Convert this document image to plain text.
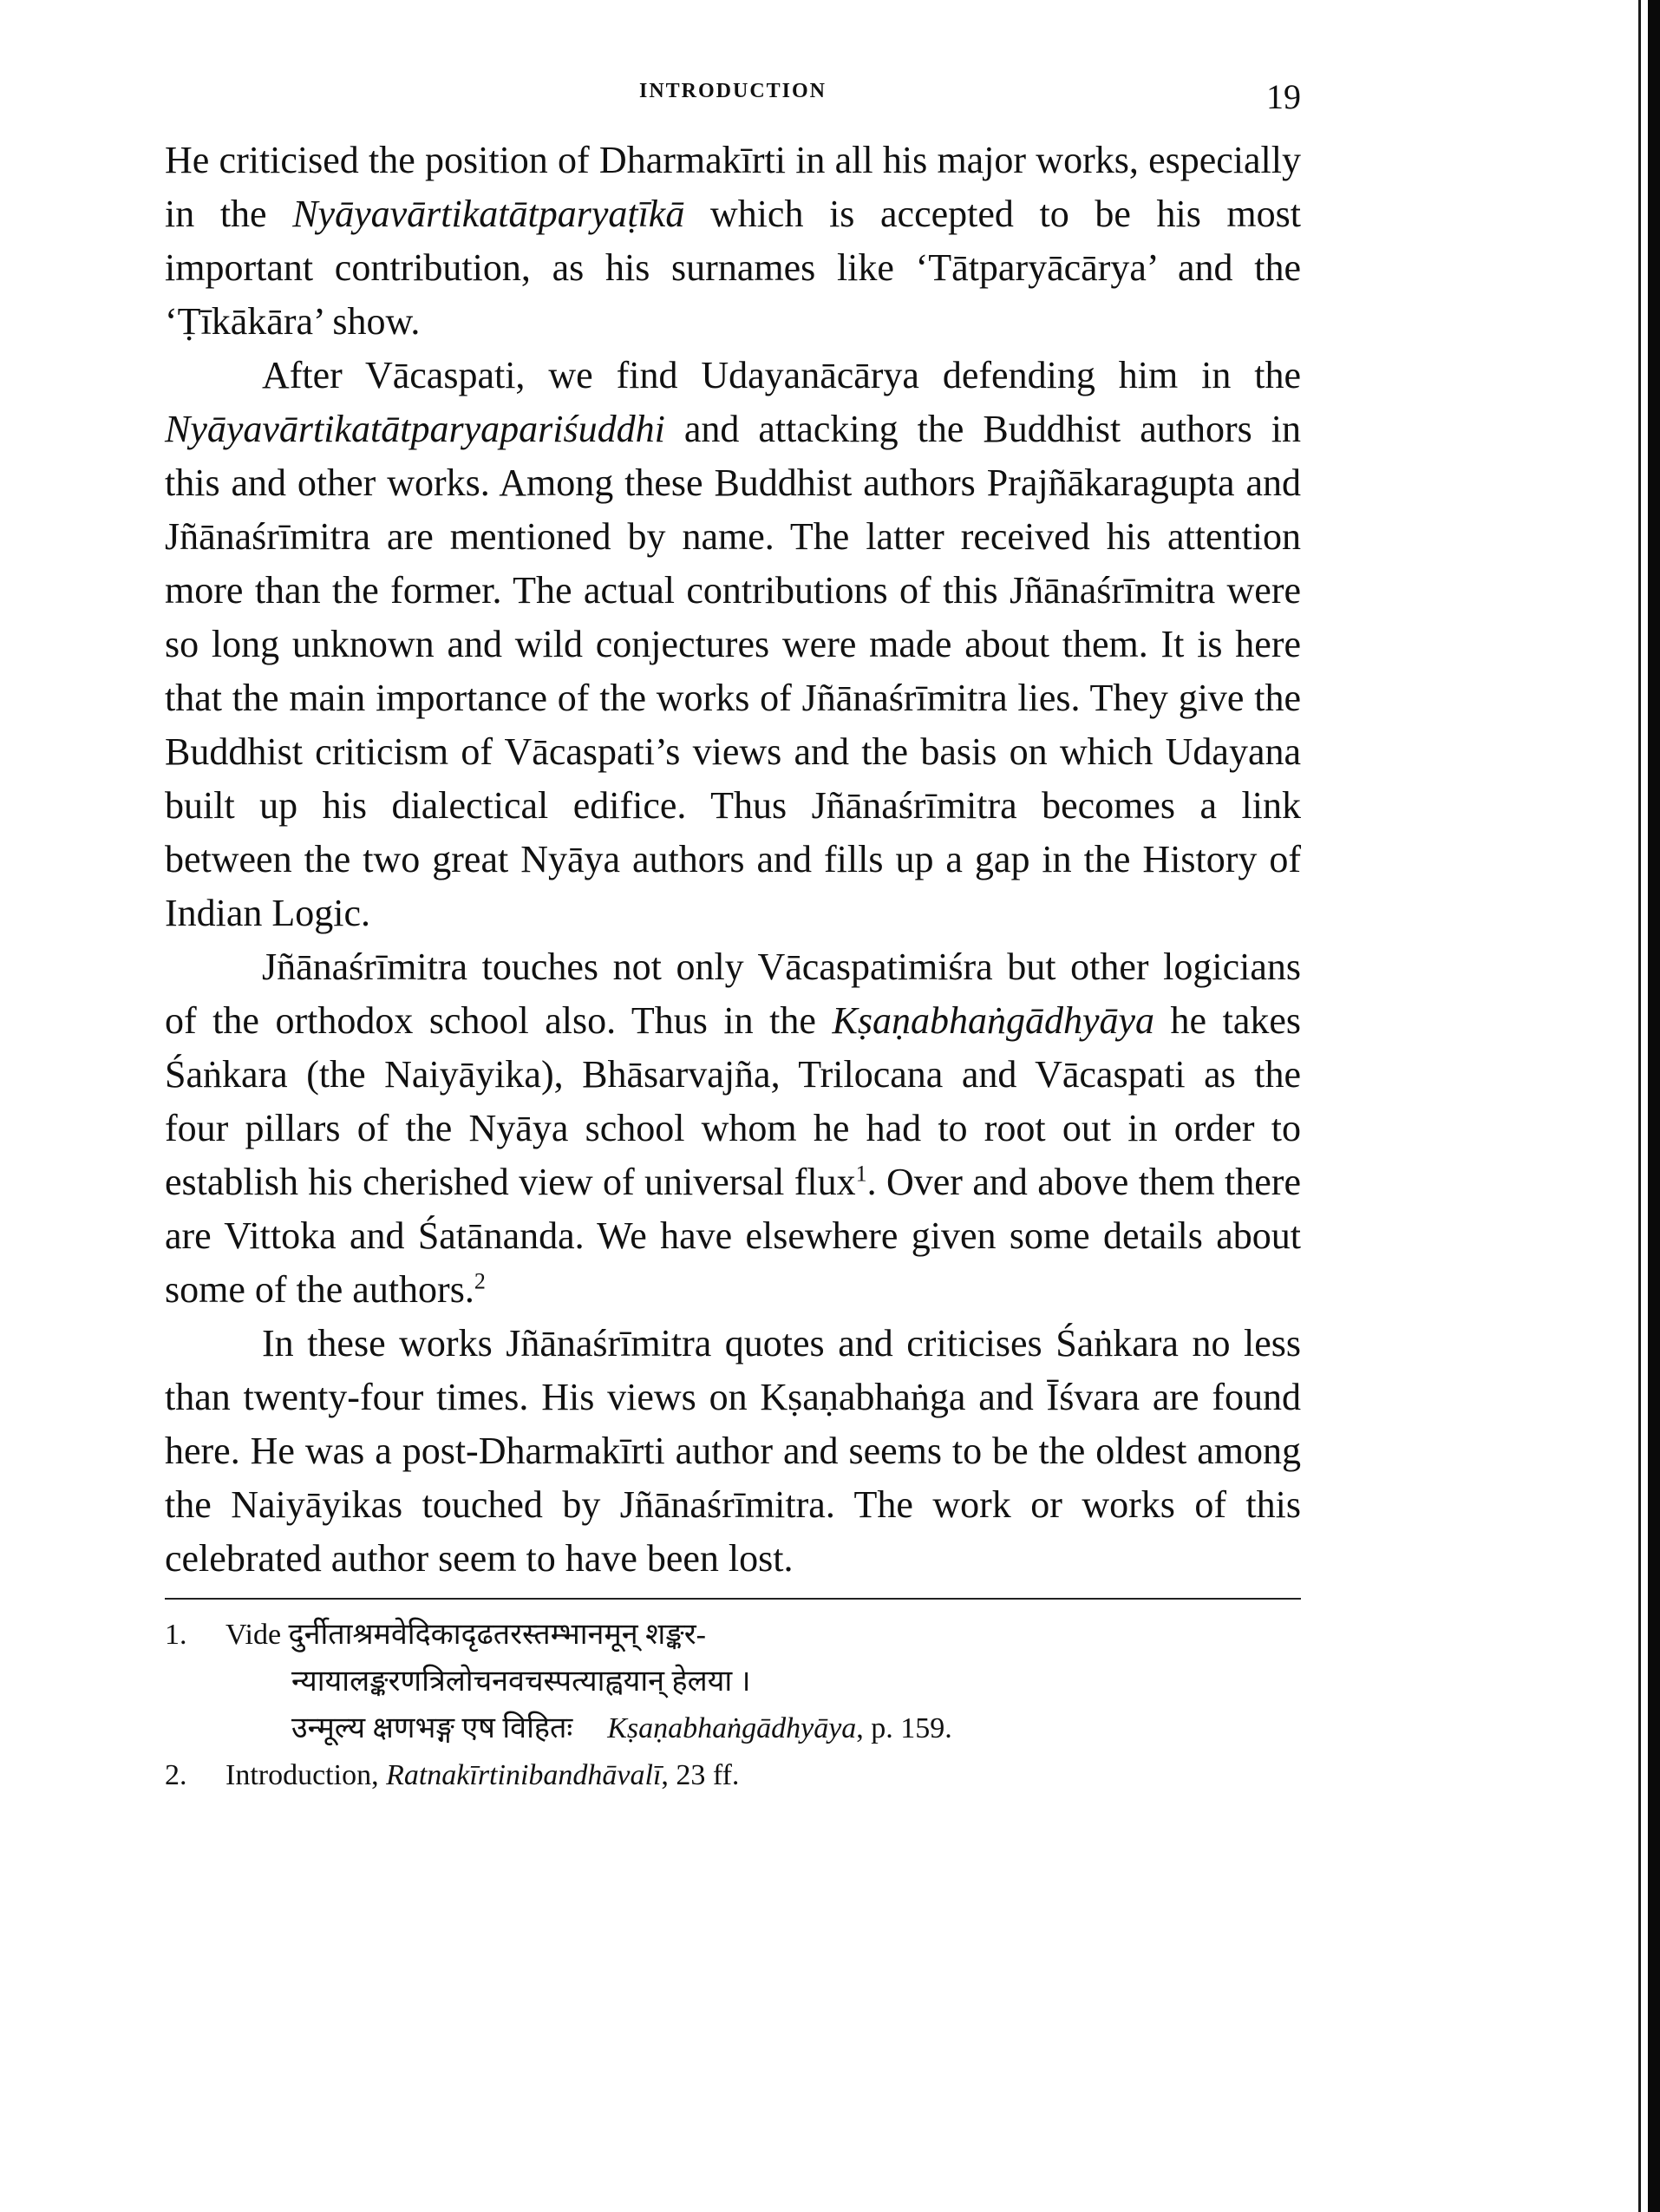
INTRODUCTION	19

He criticised the position of Dharmakīrti in all his major works, especially in the Nyāyavārtikatātparyaṭīkā which is accepted to be his most important contribution, as his surnames like ‘Tātparyācārya’ and the ‘Ṭīkākāra’ show.

After Vācaspati, we find Udayanācārya defending him in the Nyāyavārtikatātparyapariśuddhi and attacking the Buddhist authors in this and other works. Among these Buddhist authors Prajñākaragupta and Jñānaśrīmitra are mentioned by name. The latter received his attention more than the former. The actual contributions of this Jñānaśrīmitra were so long unknown and wild conjectures were made about them. It is here that the main importance of the works of Jñānaśrīmitra lies. They give the Buddhist criticism of Vācaspati’s views and the basis on which Udayana built up his dialectical edifice. Thus Jñānaśrīmitra becomes a link between the two great Nyāya authors and fills up a gap in the History of Indian Logic.

Jñānaśrīmitra touches not only Vācaspatimiśra but other logicians of the orthodox school also. Thus in the Kṣaṇabhaṅgādhyāya he takes Śaṅkara (the Naiyāyika), Bhāsarvajña, Trilocana and Vācaspati as the four pillars of the Nyāya school whom he had to root out in order to establish his cherished view of universal flux$^1$. Over and above them there are Vittoka and Śatānanda. We have elsewhere given some details about some of the authors.$^2$

In these works Jñānaśrīmitra quotes and criticises Śaṅkara no less than twenty-four times. His views on Kṣaṇabhaṅga and Īśvara are found here. He was a post-Dharmakīrti author and seems to be the oldest among the Naiyāyikas touched by Jñānaśrīmitra. The work or works of this celebrated author seem to have been lost.

1.	Vide दुर्नीताश्रमवेदिकादृढतरस्तम्भानमून् शङ्कर-
न्यायालङ्करणत्रिलोचनवचस्पत्याह्वयान् हेलया ।
उन्मूल्य क्षणभङ्ग एष विहितः Kṣaṇabhaṅgādhyāya, p. 159.
2.	Introduction, Ratnakīrtinibandhāvalī, 23 ff.
